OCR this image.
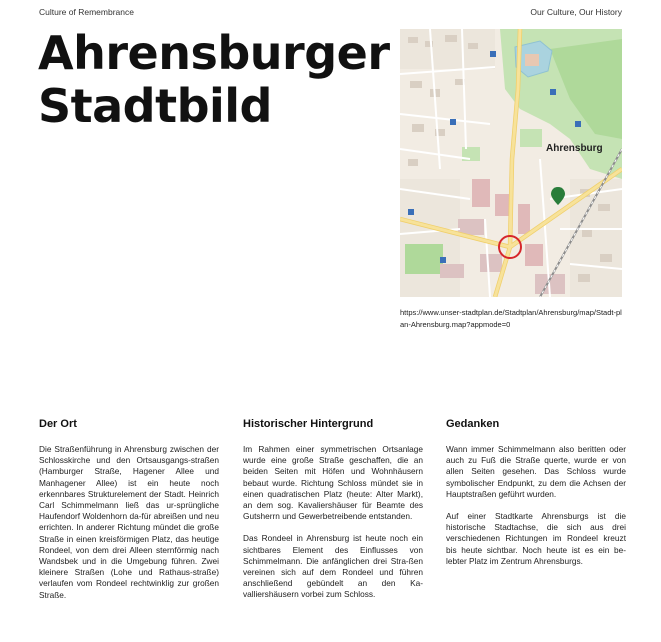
Culture of Remembrance	Our Culture, Our History
Ahrensburger
Stadtbild
Ahrensburg
https://www.unser-stadtplan.de/Stadtplan/Ahrensburg/map/Stadt-plan-Ahrensburg.map?appmode=0
Der Ort

Die Straßenführung in Ahrensburg zwischen der Schlosskirche und den Ortsausgangs-straßen (Hamburger Straße, Hagener Allee und Manhagener Allee) ist ein heute noch erkennbares Strukturelement der Stadt. Heinrich Carl Schimmelmann ließ das ur-sprüngliche Haufendorf Woldenhorn da-für abreißen und neu errichten. In anderer Richtung mündet die große Straße in einen kreisförmigen Platz, das heutige Rondeel, von dem drei Alleen sternförmig nach Wandsbek und in die Umgebung führen. Zwei kleinere Straßen (Lohe und Rathaus-straße) verlaufen vom Rondeel rechtwinklig zur großen Straße.

Historischer Hintergrund

Im Rahmen einer symmetrischen Ortsanlage wurde eine große Straße geschaffen, die an beiden Seiten mit Höfen und Wohnhäusern bebaut wurde. Richtung Schloss mündet sie in einen quadratischen Platz (heute: Alter Markt), an dem sog. Kavaliershäuser für Beamte des Gutsherrn und Gewerbetreibende entstanden.

Das Rondeel in Ahrensburg ist heute noch ein sichtbares Element des Einflusses von Schimmelmann. Die anfänglichen drei Stra-ßen vereinen sich auf dem Rondeel und führen anschließend gebündelt an den Ka-valliershäusern vorbei zum Schloss.

Gedanken

Wann immer Schimmelmann also beritten oder auch zu Fuß die Straße querte, wurde er von allen Seiten gesehen. Das Schloss wurde symbolischer Endpunkt, zu dem die Achsen der Hauptstraßen geführt wurden.

Auf einer Stadtkarte Ahrensburgs ist die historische Stadtachse, die sich aus drei verschiedenen Richtungen im Rondeel kreuzt bis heute sichtbar. Noch heute ist es ein be-lebter Platz im Zentrum Ahrensburgs.
